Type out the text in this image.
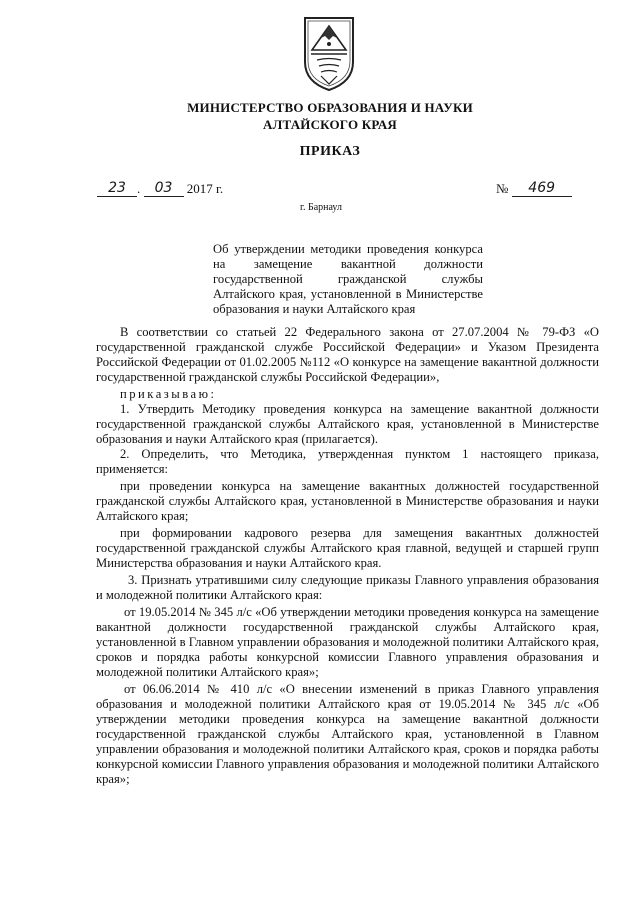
МИНИСТЕРСТВО ОБРАЗОВАНИЯ И НАУКИ
АЛТАЙСКОГО КРАЯ
ПРИКАЗ
23 . 03 2017 г.	№ 469
г. Барнаул
Об утверждении методики проведения конкурса на замещение вакантной должности государственной гражданской службы Алтайского края, установленной в Министерстве образования и науки Алтайского края

В соответствии со статьей 22 Федерального закона от 27.07.2004 № 79-ФЗ «О государственной гражданской службе Российской Федерации» и Указом Президента Российской Федерации от 01.02.2005 №112 «О конкурсе на замещение вакантной должности государственной гражданской службы Российской Федерации»,

приказываю:

1. Утвердить Методику проведения конкурса на замещение вакантной должности государственной гражданской службы Алтайского края, установленной в Министерстве образования и науки Алтайского края (прилагается).

2. Определить, что Методика, утвержденная пунктом 1 настоящего приказа, применяется:

при проведении конкурса на замещение вакантных должностей государственной гражданской службы Алтайского края, установленной в Министерстве образования и науки Алтайского края;

при формировании кадрового резерва для замещения вакантных должностей государственной гражданской службы Алтайского края главной, ведущей и старшей групп Министерства образования и науки Алтайского края.

3. Признать утратившими силу следующие приказы Главного управления образования и молодежной политики Алтайского края:

от 19.05.2014 № 345 л/с «Об утверждении методики проведения конкурса на замещение вакантной должности государственной гражданской службы Алтайского края, установленной в Главном управлении образования и молодежной политики Алтайского края, сроков и порядка работы конкурсной комиссии Главного управления образования и молодежной политики Алтайского края»;

от 06.06.2014 № 410 л/с «О внесении изменений в приказ Главного управления образования и молодежной политики Алтайского края от 19.05.2014 № 345 л/с «Об утверждении методики проведения конкурса на замещение вакантной должности государственной гражданской службы Алтайского края, установленной в Главном управлении образования и молодежной политики Алтайского края, сроков и порядка работы конкурсной комиссии Главного управления образования и молодежной политики Алтайского края»;
